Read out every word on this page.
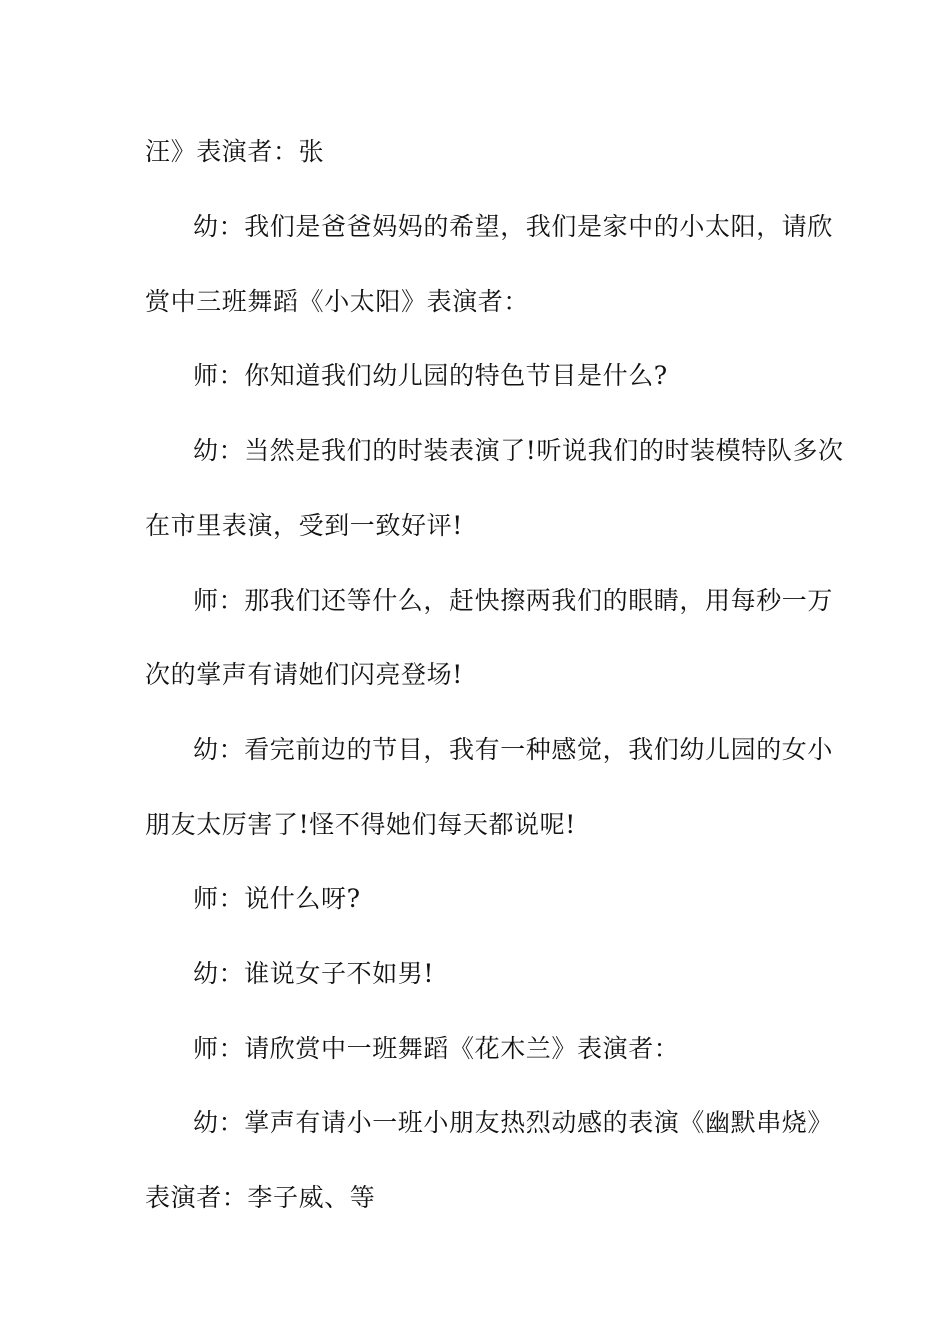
汪》表演者：张
幼：我们是爸爸妈妈的希望，我们是家中的小太阳，请欣
赏中三班舞蹈《小太阳》表演者：
师：你知道我们幼儿园的特色节目是什么?
幼：当然是我们的时装表演了!听说我们的时装模特队多次
在市里表演，受到一致好评!
师：那我们还等什么，赶快擦两我们的眼睛，用每秒一万
次的掌声有请她们闪亮登场!
幼：看完前边的节目，我有一种感觉，我们幼儿园的女小
朋友太厉害了!怪不得她们每天都说呢!
师：说什么呀?
幼：谁说女子不如男!
师：请欣赏中一班舞蹈《花木兰》表演者：
幼：掌声有请小一班小朋友热烈动感的表演《幽默串烧》
表演者：李子威、等
